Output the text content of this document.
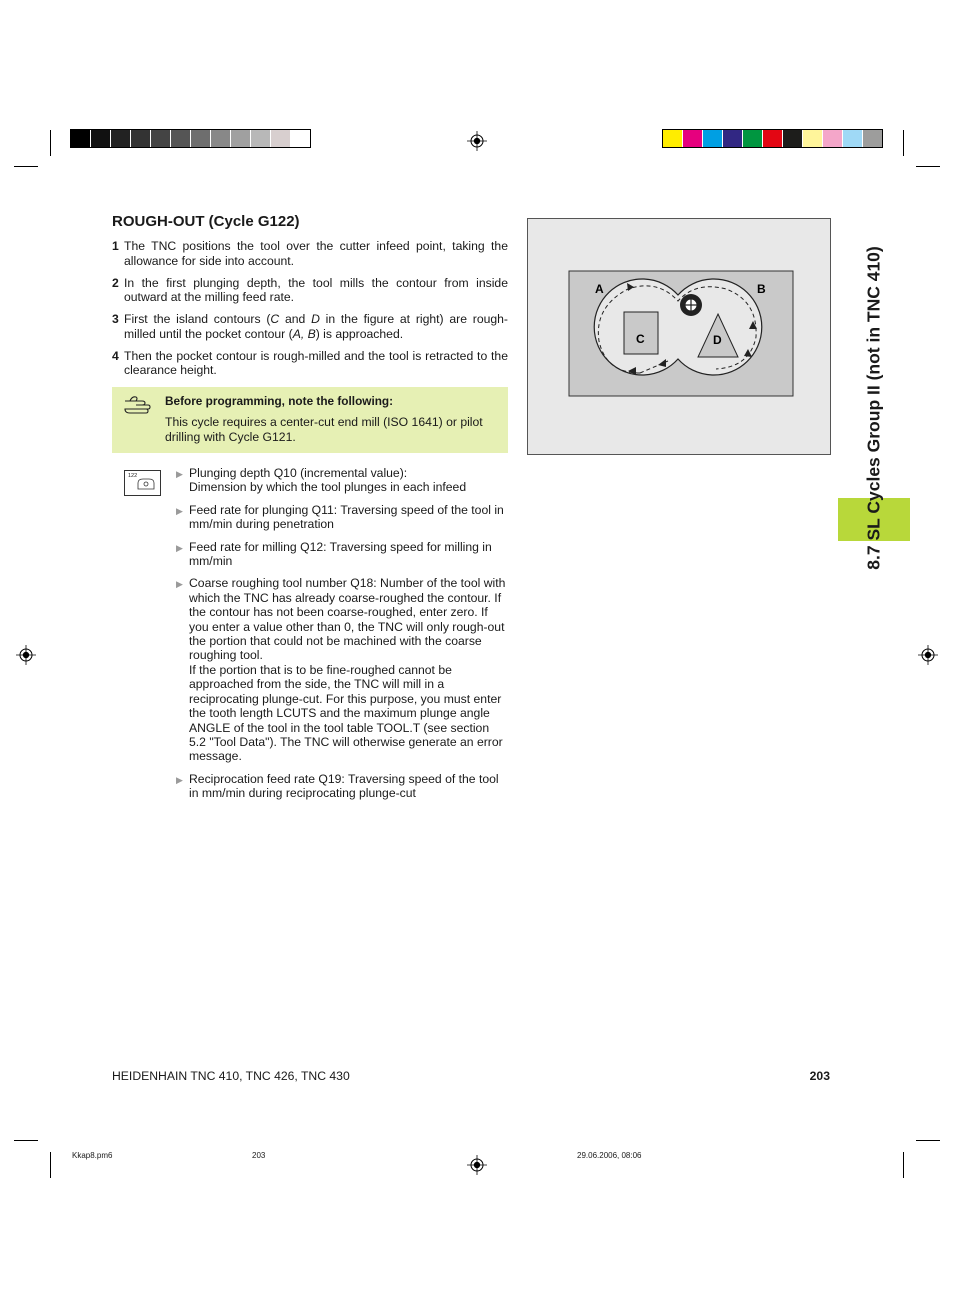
ROUGH-OUT (Cycle G122)
1 The TNC positions the tool over the cutter infeed point, taking the allowance for side into account.
2 In the first plunging depth, the tool mills the contour from inside outward at the milling feed rate.
3 First the island contours (C and D in the figure at right) are rough-milled until the pocket contour (A, B) is approached.
4 Then the pocket contour is rough-milled and the tool is retracted to the clearance height.
Before programming, note the following:
This cycle requires a center-cut end mill (ISO 1641) or pilot drilling with Cycle G121.
122	▶ Plunging depth Q10 (incremental value):
Dimension by which the tool plunges in each infeed
▶ Feed rate for plunging Q11: Traversing speed of the tool in mm/min during penetration
▶ Feed rate for milling Q12: Traversing speed for milling in mm/min
▶ Coarse roughing tool number Q18: Number of the tool with which the TNC has already coarse-roughed the contour. If the contour has not been coarse-roughed, enter zero. If you enter a value other than 0, the TNC will only rough-out the portion that could not be machined with the coarse roughing tool.
If the portion that is to be fine-roughed cannot be approached from the side, the TNC will mill in a reciprocating plunge-cut. For this purpose, you must enter the tooth length LCUTS and the maximum plunge angle ANGLE of the tool in the tool table TOOL.T (see section 5.2 "Tool Data"). The TNC will otherwise generate an error message.
▶ Reciprocation feed rate Q19: Traversing speed of the tool in mm/min during reciprocating plunge-cut
A	B
C	D	8.7 SL Cycles Group II (not in TNC 410)
HEIDENHAIN TNC 410, TNC 426, TNC 430	203
Kkap8.pm6	203	29.06.2006, 08:06
